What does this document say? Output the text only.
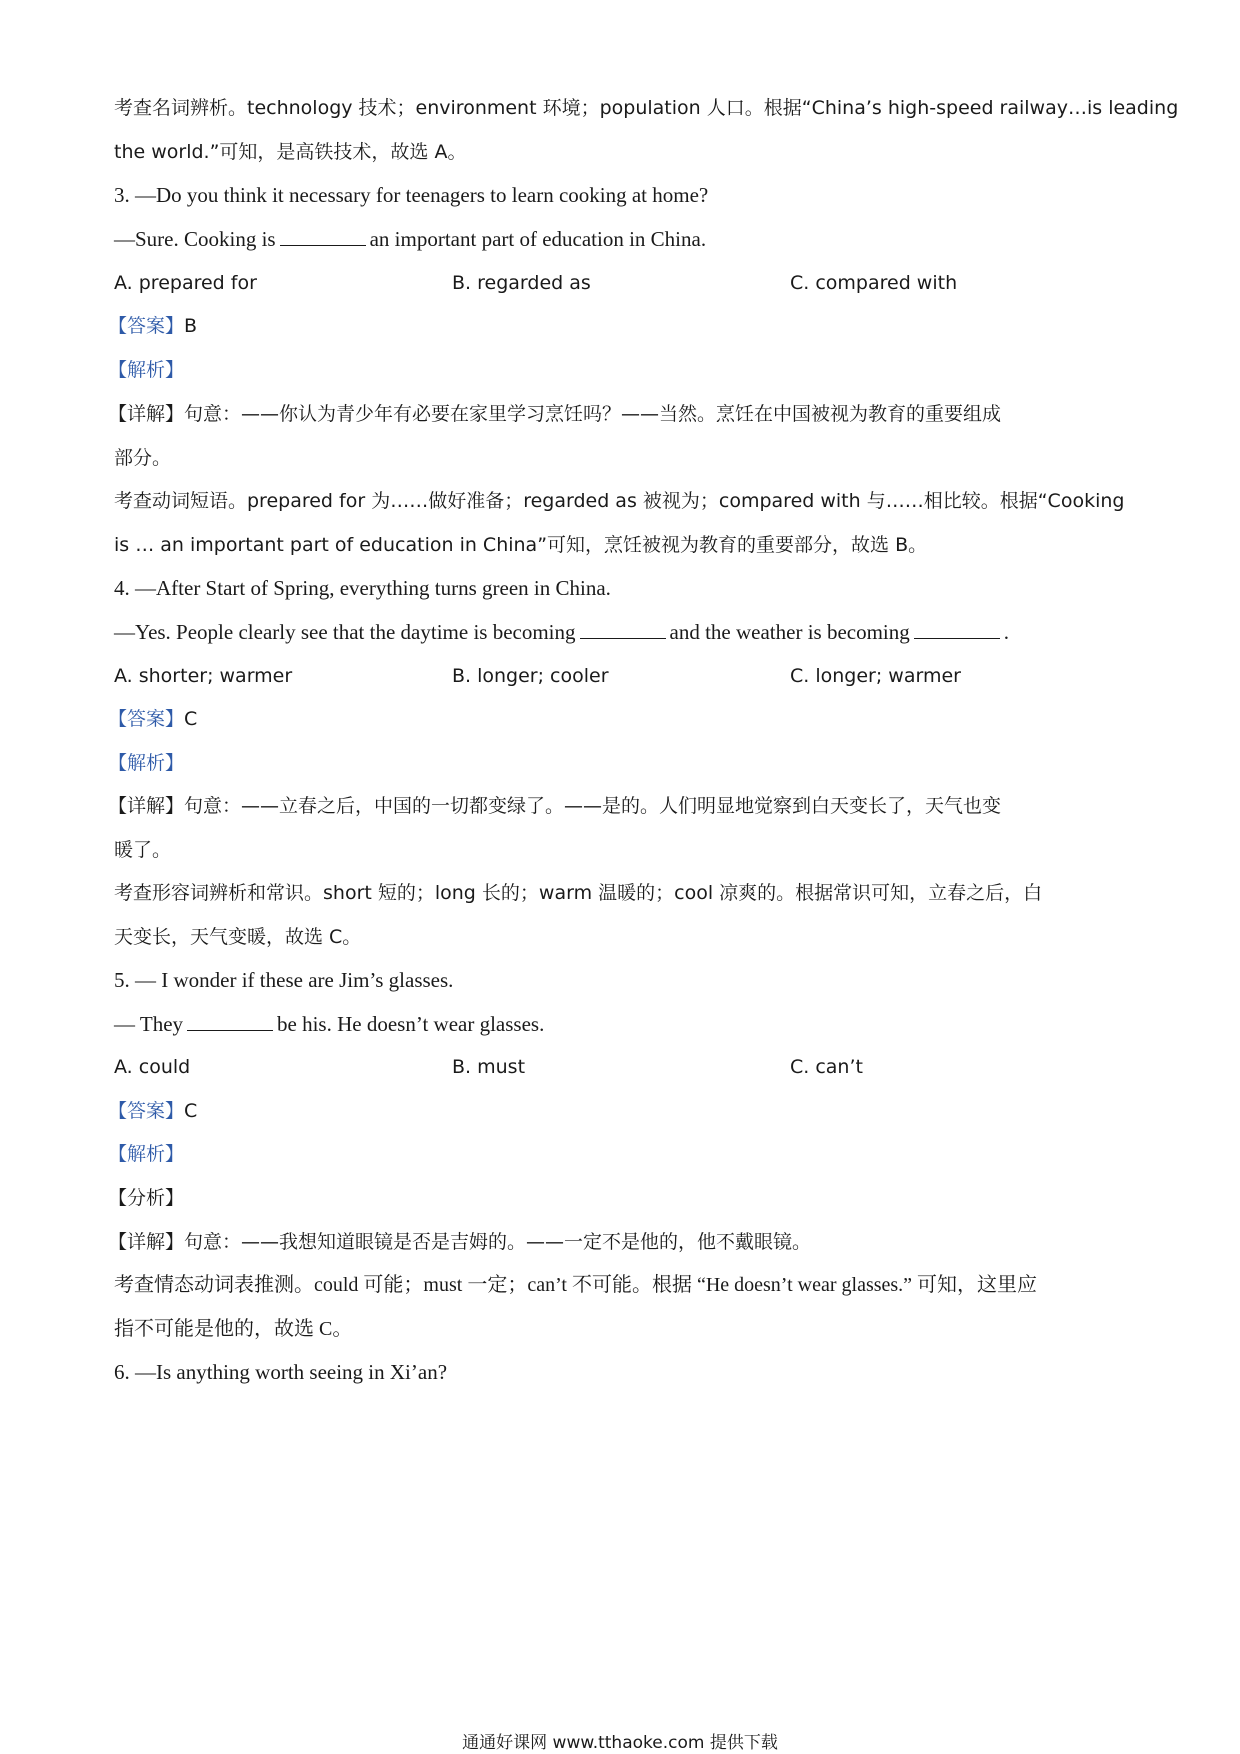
考查名词辨析。technology 技术；environment 环境；population 人口。根据“China’s high-speed railway…is leading
the world.”可知，是高铁技术，故选 A。
3. —Do you think it necessary for teenagers to learn cooking at home?
—Sure. Cooking is	an important part of education in China.
A. prepared for	B. regarded as	C. compared with
【答案】B
【解析】
【详解】句意：——你认为青少年有必要在家里学习烹饪吗？——当然。烹饪在中国被视为教育的重要组成
部分。
考查动词短语。prepared for 为……做好准备；regarded as 被视为；compared with 与……相比较。根据“Cooking
is … an important part of education in China”可知，烹饪被视为教育的重要部分，故选 B。
4. —After Start of Spring, everything turns green in China.
—Yes. People clearly see that the daytime is becoming	and the weather is becoming	.
A. shorter; warmer	B. longer; cooler	C. longer; warmer
【答案】C
【解析】
【详解】句意：——立春之后，中国的一切都变绿了。——是的。人们明显地觉察到白天变长了，天气也变
暖了。
考查形容词辨析和常识。short 短的；long 长的；warm 温暖的；cool 凉爽的。根据常识可知，立春之后，白
天变长，天气变暖，故选 C。
5. — I wonder if these are Jim’s glasses.
— They	be his. He doesn’t wear glasses.
A. could	B. must	C. can’t
【答案】C
【解析】
【分析】
【详解】句意：——我想知道眼镜是否是吉姆的。——一定不是他的，他不戴眼镜。
考查情态动词表推测。could 可能；must 一定；can’t 不可能。根据 “He doesn’t wear glasses.” 可知，这里应
指不可能是他的，故选 C。
6. —Is anything worth seeing in Xi’an?
通通好课网 www.tthaoke.com 提供下载
